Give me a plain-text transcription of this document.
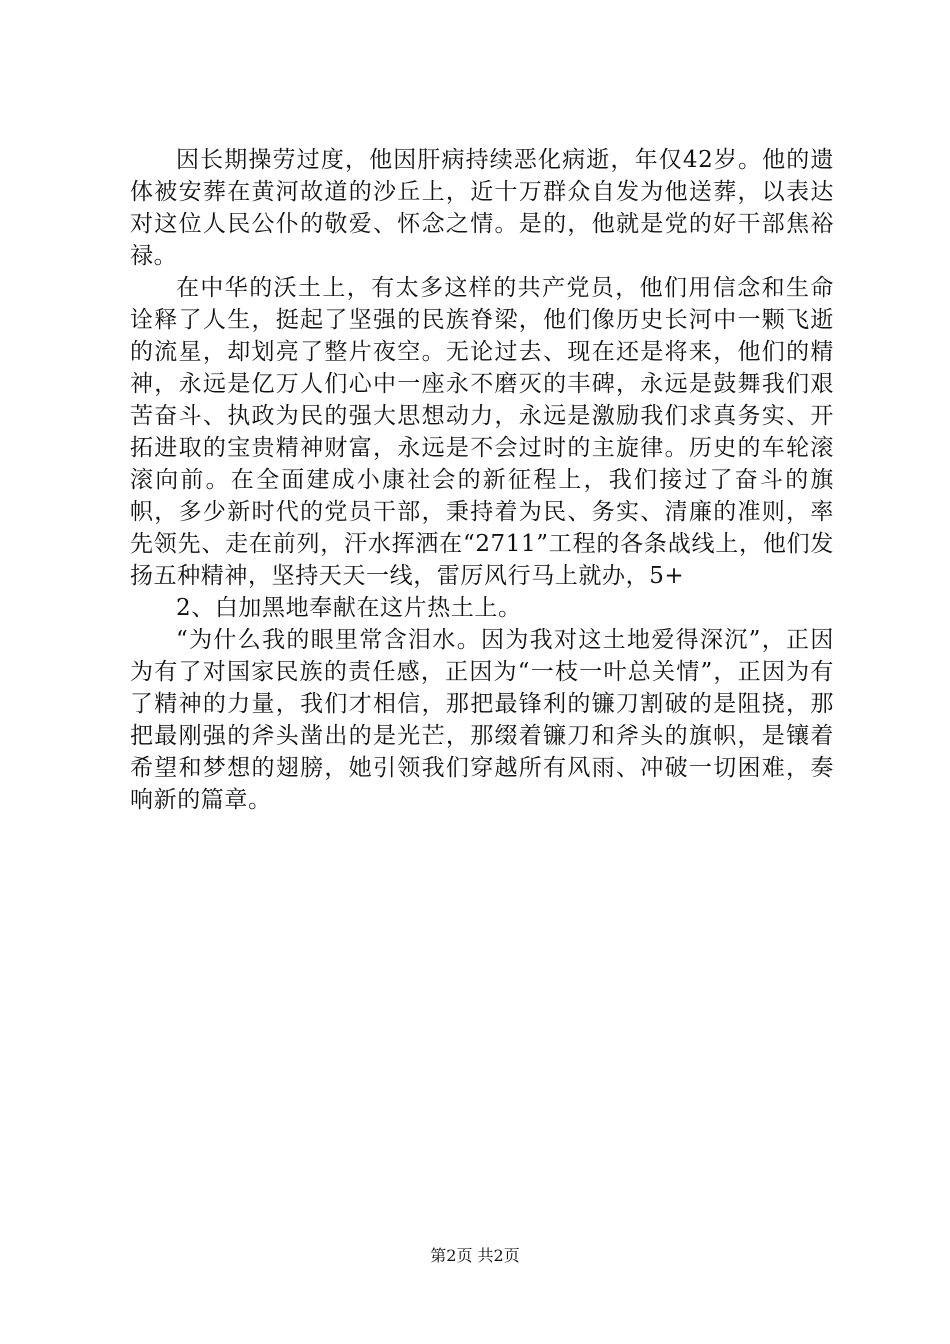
因长期操劳过度，他因肝病持续恶化病逝，年仅42岁。他的遗体被安葬在黄河故道的沙丘上，近十万群众自发为他送葬，以表达对这位人民公仆的敬爱、怀念之情。是的，他就是党的好干部焦裕禄。

在中华的沃土上，有太多这样的共产党员，他们用信念和生命诠释了人生，挺起了坚强的民族脊梁，他们像历史长河中一颗飞逝的流星，却划亮了整片夜空。无论过去、现在还是将来，他们的精神，永远是亿万人们心中一座永不磨灭的丰碑，永远是鼓舞我们艰苦奋斗、执政为民的强大思想动力，永远是激励我们求真务实、开拓进取的宝贵精神财富，永远是不会过时的主旋律。历史的车轮滚滚向前。在全面建成小康社会的新征程上，我们接过了奋斗的旗帜，多少新时代的党员干部，秉持着为民、务实、清廉的准则，率先领先、走在前列，汗水挥洒在“2711”工程的各条战线上，他们发扬五种精神，坚持天天一线，雷厉风行马上就办，5+

2、白加黑地奉献在这片热土上。

“为什么我的眼里常含泪水。因为我对这土地爱得深沉”，正因为有了对国家民族的责任感，正因为“一枝一叶总关情”，正因为有了精神的力量，我们才相信，那把最锋利的镰刀割破的是阻挠，那把最刚强的斧头凿出的是光芒，那缀着镰刀和斧头的旗帜，是镶着希望和梦想的翅膀，她引领我们穿越所有风雨、冲破一切困难，奏响新的篇章。

第2页 共2页
